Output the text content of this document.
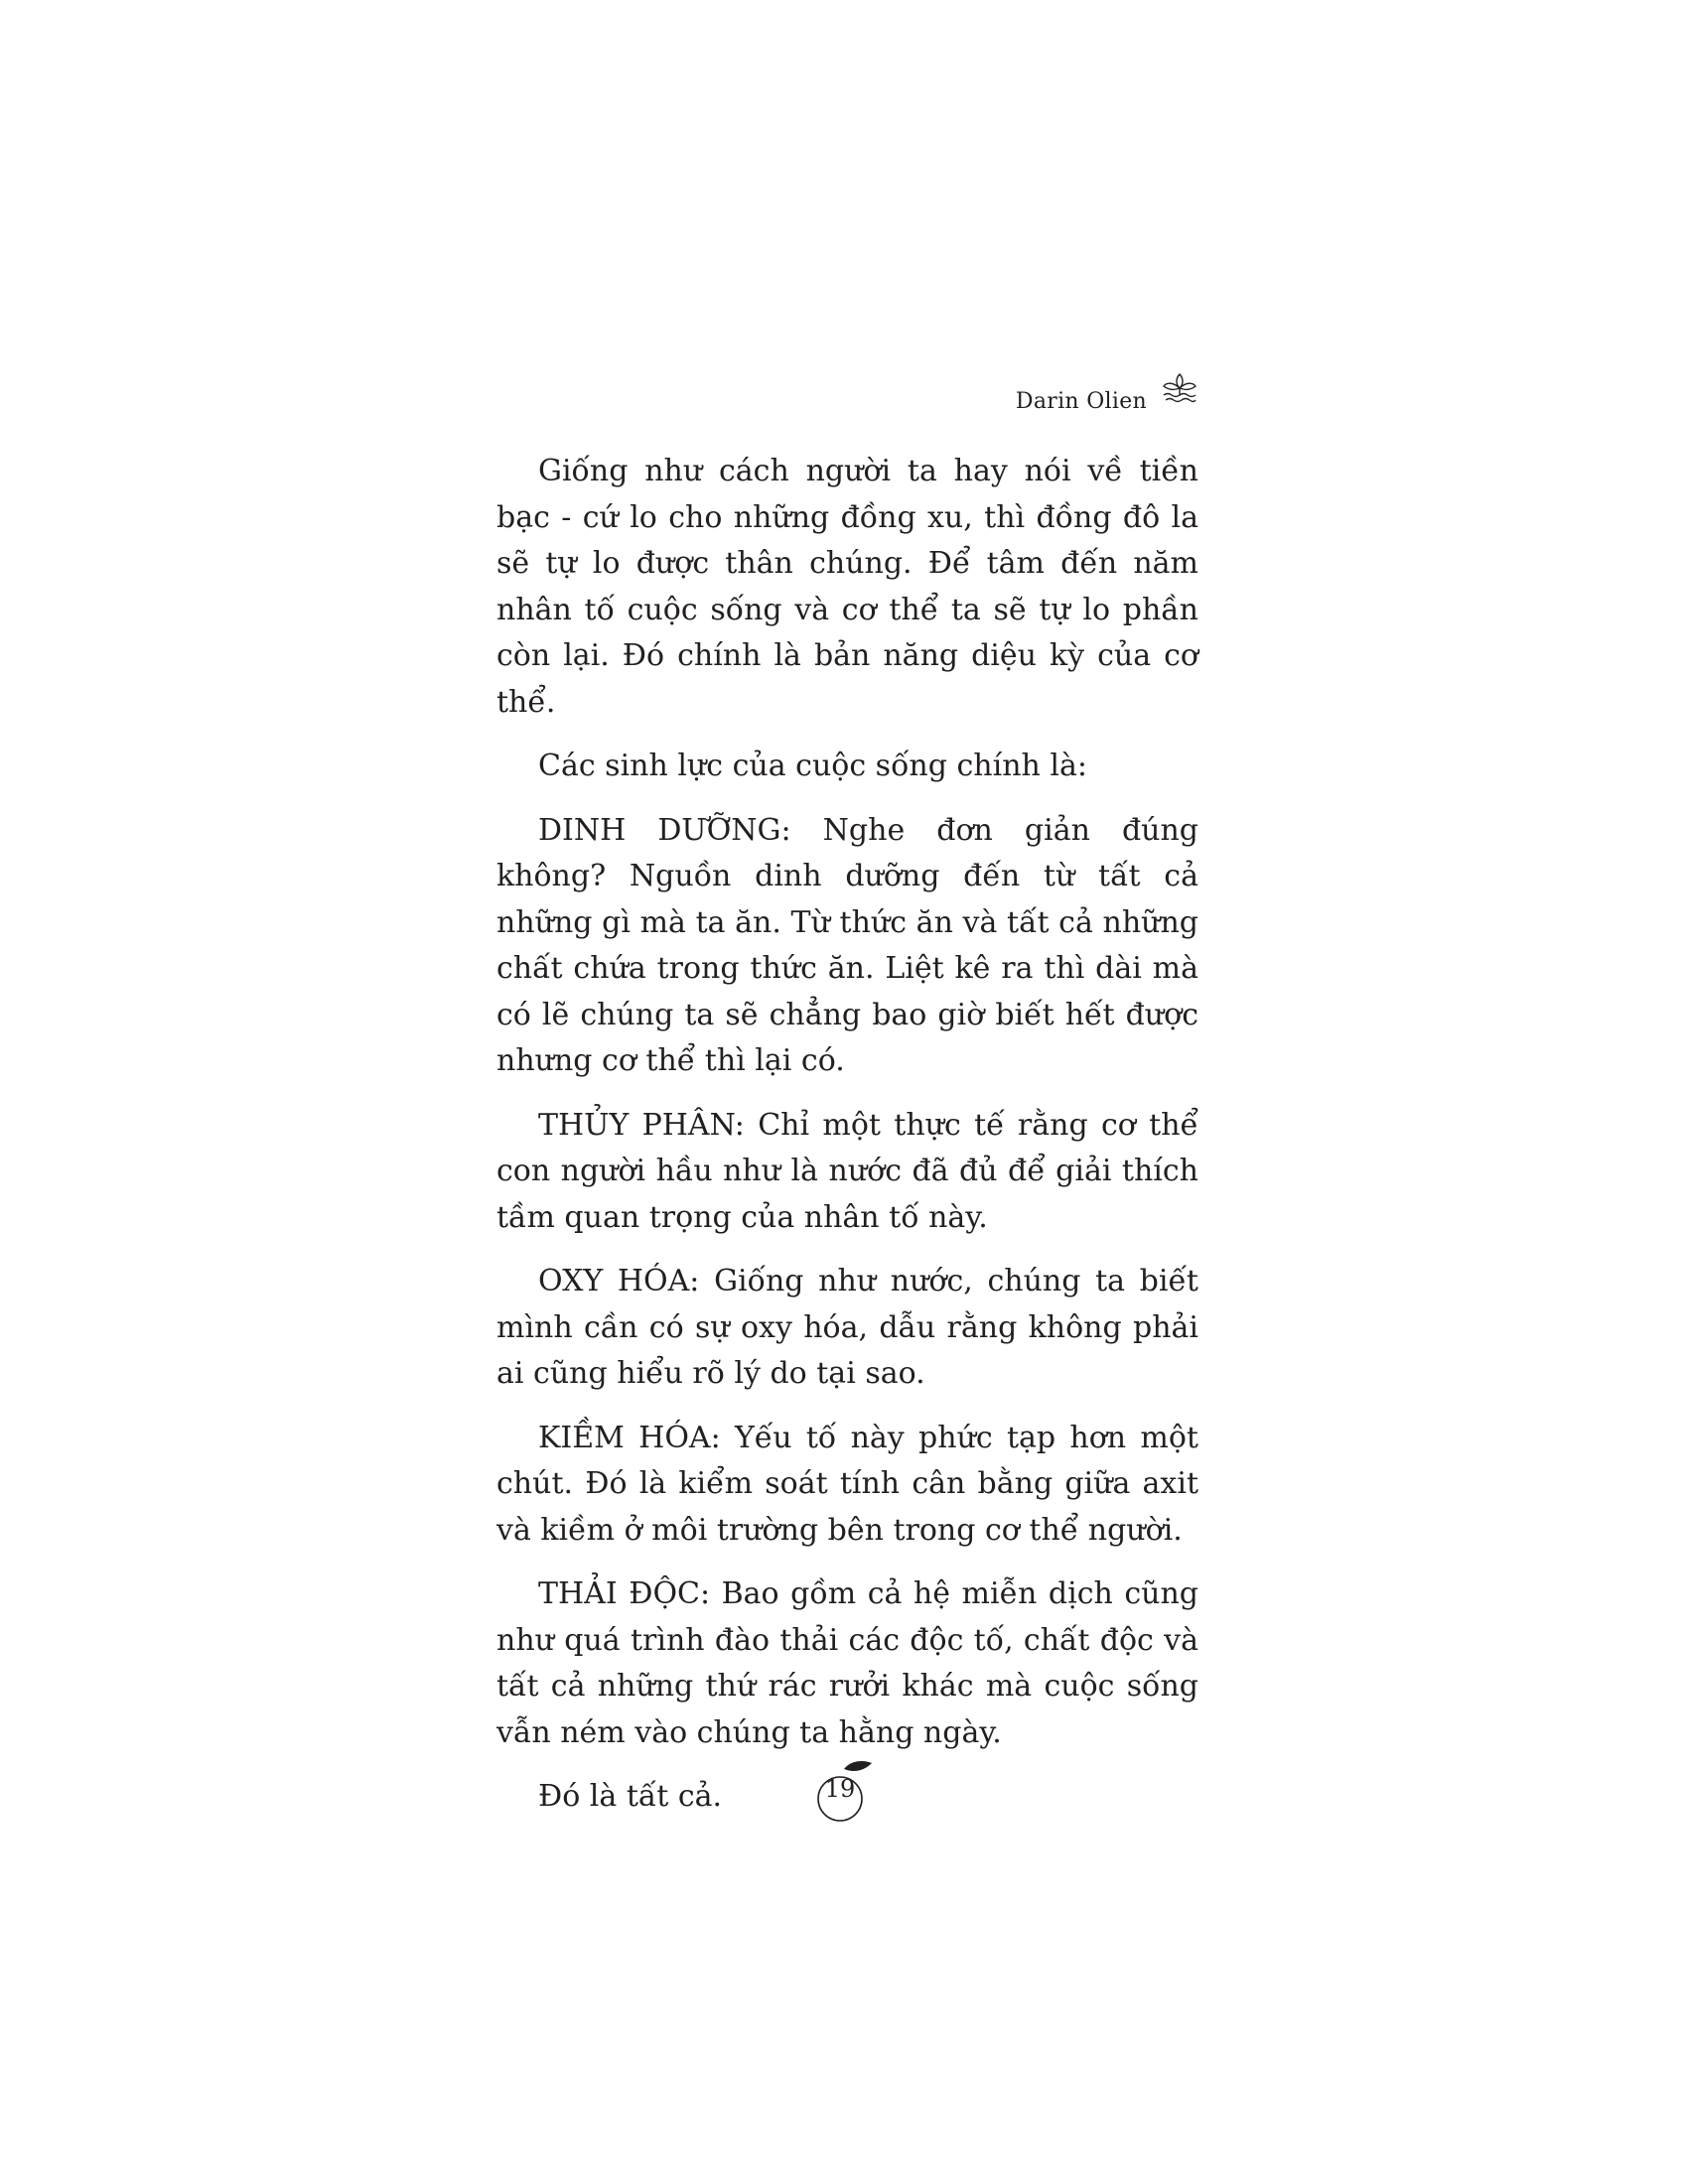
Darin Olien

Giống như cách người ta hay nói về tiền bạc - cứ lo cho những đồng xu, thì đồng đô la sẽ tự lo được thân chúng. Để tâm đến năm nhân tố cuộc sống và cơ thể ta sẽ tự lo phần còn lại. Đó chính là bản năng diệu kỳ của cơ thể.

Các sinh lực của cuộc sống chính là:

DINH DƯỠNG: Nghe đơn giản đúng không? Nguồn dinh dưỡng đến từ tất cả những gì mà ta ăn. Từ thức ăn và tất cả những chất chứa trong thức ăn. Liệt kê ra thì dài mà có lẽ chúng ta sẽ chẳng bao giờ biết hết được nhưng cơ thể thì lại có.

THỦY PHÂN: Chỉ một thực tế rằng cơ thể con người hầu như là nước đã đủ để giải thích tầm quan trọng của nhân tố này.

OXY HÓA: Giống như nước, chúng ta biết mình cần có sự oxy hóa, dẫu rằng không phải ai cũng hiểu rõ lý do tại sao.

KIỀM HÓA: Yếu tố này phức tạp hơn một chút. Đó là kiểm soát tính cân bằng giữa axit và kiềm ở môi trường bên trong cơ thể người.

THẢI ĐỘC: Bao gồm cả hệ miễn dịch cũng như quá trình đào thải các độc tố, chất độc và tất cả những thứ rác rưởi khác mà cuộc sống vẫn ném vào chúng ta hằng ngày.

Đó là tất cả.	19
